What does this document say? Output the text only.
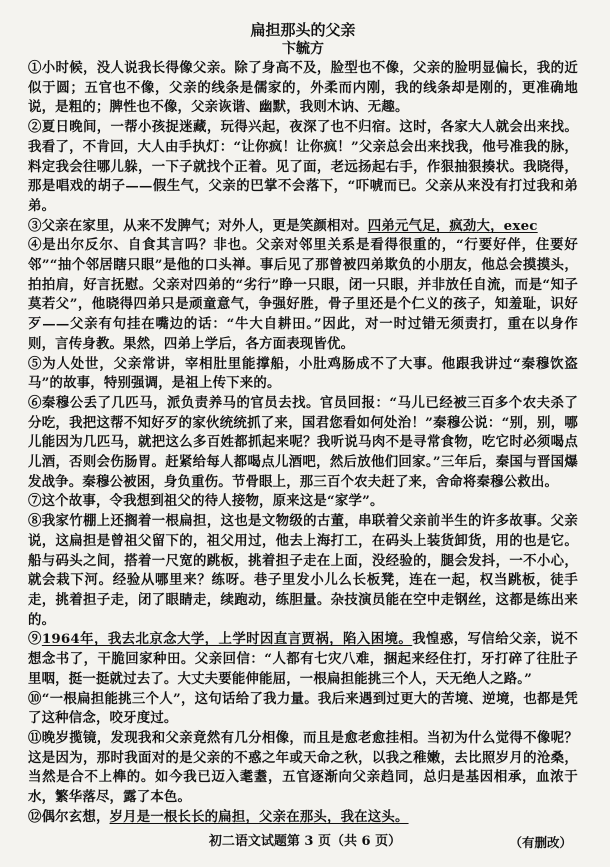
扁担那头的父亲
卞毓方

①小时候，没人说我长得像父亲。除了身高不及，脸型也不像，父亲的脸明显偏长，我的近似于圆；五官也不像，父亲的线条是儒家的，外柔而内刚，我的线条却是刚的，更准确地说，是粗的；脾性也不像，父亲诙谐、幽默，我则木讷、无趣。

②夏日晚间，一帮小孩捉迷藏，玩得兴起，夜深了也不归宿。这时，各家大人就会出来找。我看了，不肯回，大人由手执灯：“让你疯！让你疯！”父亲总会出来找我，他号准我的脉，料定我会往哪儿躲，一下子就找个正着。见了面，老远扬起右手，作狠抽狠揍状。我晓得，那是唱戏的胡子——假生气，父亲的巴掌不会落下，“吓唬而已。父亲从来没有打过我和弟弟。

③父亲在家里，从来不发脾气；对外人，更是笑颜相对。四弟元气足，疯劲大，exec

④是出尔反尔、自食其言吗？非也。父亲对邻里关系是看得很重的，“行要好伴，住要好邻”“抽个邻居瞎只眼”是他的口头禅。事后见了那曾被四弟欺负的小朋友，他总会摸摸头，拍拍肩，好言抚慰。父亲对四弟的“劣行”睁一只眼，闭一只眼，并非放任自流，而是“知子莫若父”，他晓得四弟只是顽童意气，争强好胜，骨子里还是个仁义的孩子，知羞耻，识好歹——父亲有句挂在嘴边的话：“牛大自耕田。”因此，对一时过错无须责打，重在以身作则，言传身教。果然，四弟上学后，各方面表现皆优。

⑤为人处世，父亲常讲，宰相肚里能撑船，小肚鸡肠成不了大事。他跟我讲过“秦穆饮盗马”的故事，特别强调，是祖上传下来的。

⑥秦穆公丢了几匹马，派负责养马的官员去找。官员回报：“马儿已经被三百多个农夫杀了分吃，我把这帮不知好歹的家伙统统抓了来，国君您看如何处治！”秦穆公说：“别，别，哪儿能因为几匹马，就把这么多百姓都抓起来呢？我听说马肉不是寻常食物，吃它时必须喝点儿酒，否则会伤肠胃。赶紧给每人都喝点儿酒吧，然后放他们回家。”三年后，秦国与晋国爆发战争。秦穆公被困，身负重伤。节骨眼上，那三百个农夫赶了来，舍命将秦穆公救出。

⑦这个故事，令我想到祖父的待人接物，原来这是“家学”。

⑧我家竹棚上还搁着一根扁担，这也是文物级的古董，串联着父亲前半生的许多故事。父亲说，这扁担是曾祖父留下的，祖父用过，他去上海打工，在码头上装货卸货，用的也是它。船与码头之间，搭着一尺宽的跳板，挑着担子走在上面，没经验的，腿会发抖，一不小心，就会栽下河。经验从哪里来？练呀。巷子里发小儿么长板凳，连在一起，权当跳板，徒手走，挑着担子走，闭了眼睛走，续跑动，练胆量。杂技演员能在空中走钢丝，这都是练出来的。

⑨1964年，我去北京念大学，上学时因直言贾祸，陷入困境。我惶惑，写信给父亲，说不想念书了，干脆回家种田。父亲回信：“人都有七灾八难，捆起来经住打，牙打碎了往肚子里咽，挺一挺就过去了。大丈夫要能伸能屈，一根扁担能挑三个人，天无绝人之路。”

⑩“一根扁担能挑三个人”，这句话给了我力量。我后来遇到过更大的苦境、逆境，也都是凭了这种信念，咬牙度过。

⑪晚岁揽镜，发现我和父亲竟然有几分相像，而且是愈老愈挂相。当初为什么觉得不像呢？这是因为，那时我面对的是父亲的不惑之年或天命之秋，以我之稚嫩，去比照岁月的沧桑，当然是合不上榫的。如今我已迈入耄耋，五官逐渐向父亲趋同，总归是基因相承，血浓于水，繁华落尽，露了本色。

⑫偶尔玄想，岁月是一根长长的扁担，父亲在那头，我在这头。

（有删改）
初二语文试题第 3 页（共 6 页）
